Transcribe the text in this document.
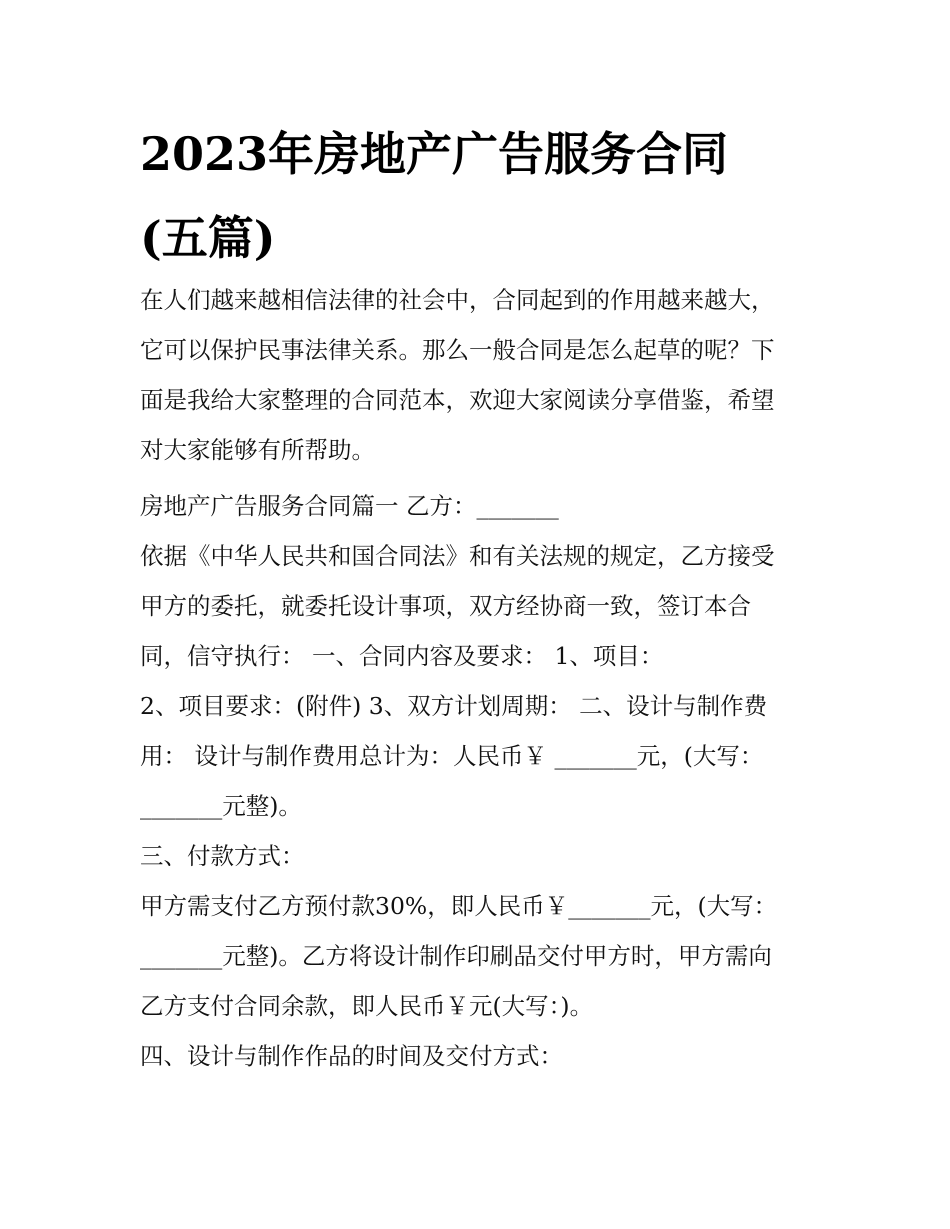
2023年房地产广告服务合同
(五篇)

在人们越来越相信法律的社会中，合同起到的作用越来越大，
它可以保护民事法律关系。那么一般合同是怎么起草的呢？下
面是我给大家整理的合同范本，欢迎大家阅读分享借鉴，希望
对大家能够有所帮助。

房地产广告服务合同篇一 乙方：_______

依据《中华人民共和国合同法》和有关法规的规定，乙方接受
甲方的委托，就委托设计事项，双方经协商一致，签订本合
同，信守执行： 一、合同内容及要求： 1、项目：

2、项目要求：(附件) 3、双方计划周期： 二、设计与制作费
用： 设计与制作费用总计为：人民币￥ _______元，(大写：
_______元整)。

三、付款方式：

甲方需支付乙方预付款30%，即人民币￥_______元，(大写：
_______元整)。乙方将设计制作印刷品交付甲方时，甲方需向
乙方支付合同余款，即人民币￥元(大写：)。

四、设计与制作作品的时间及交付方式：
